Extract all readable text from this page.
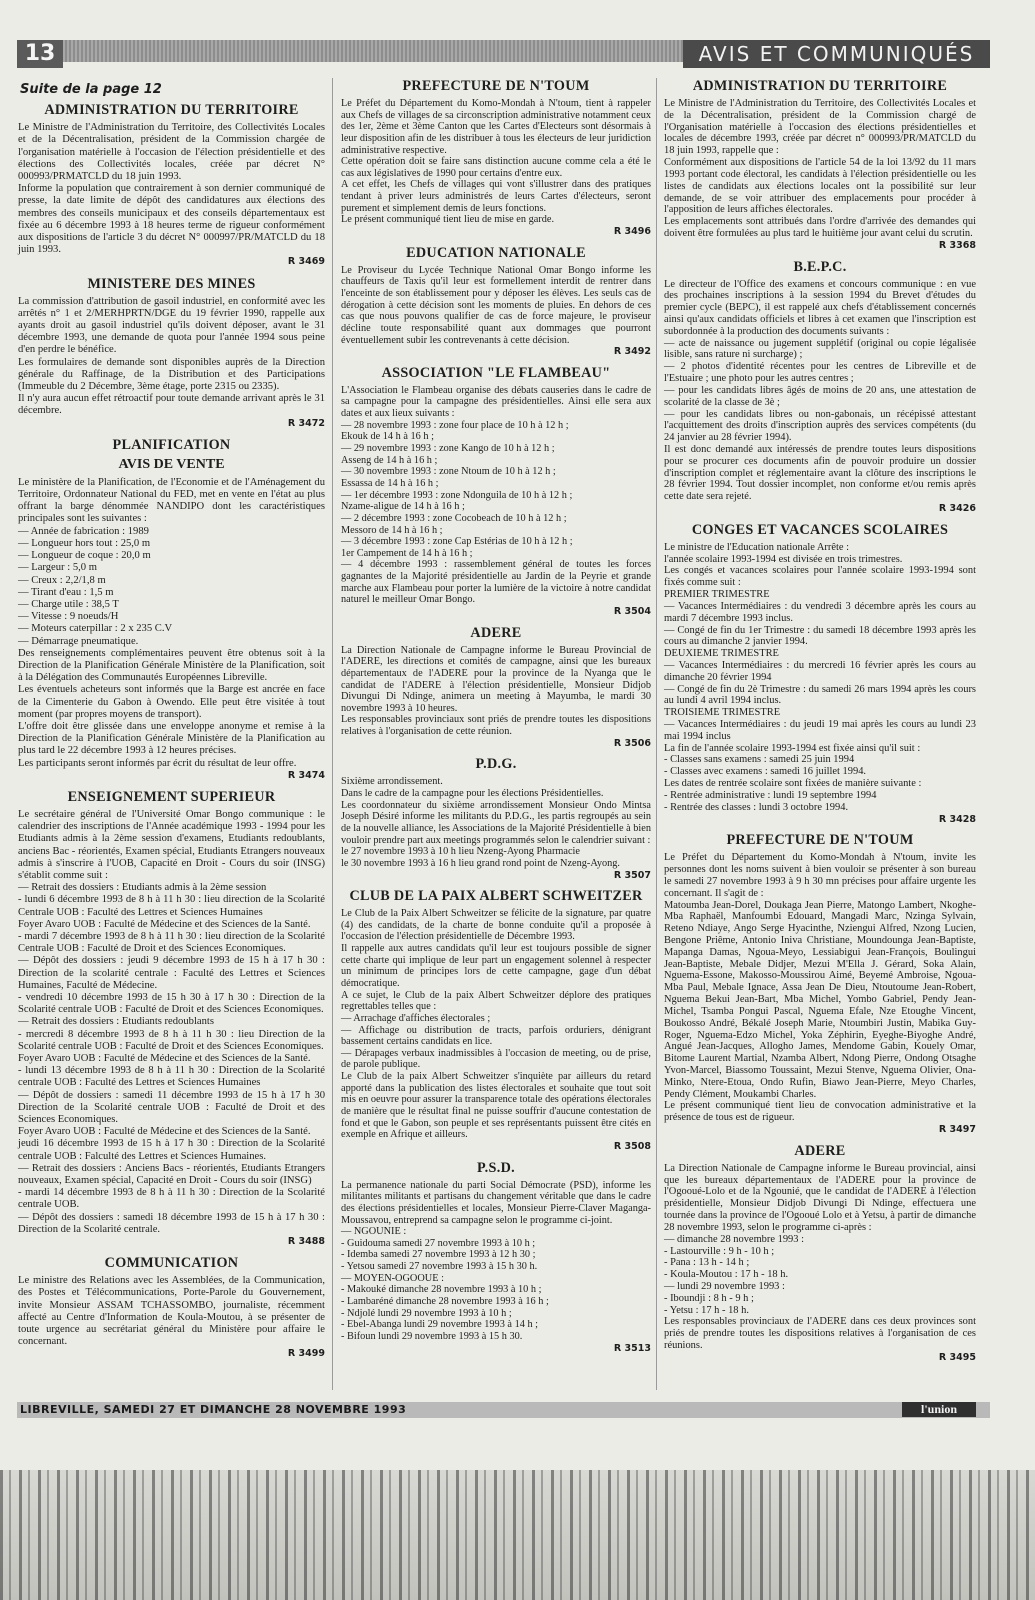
13	AVIS ET COMMUNIQUÉS
Suite de la page 12
ADMINISTRATION DU TERRITOIRE

Le Ministre de l'Administration du Territoire, des Collectivités Locales et de la Décentralisation, président de la Commission chargée de l'organisation matérielle à l'occasion de l'élection présidentielle et des élections des Collectivités locales, créée par décret N° 000993/PRMATCLD du 18 juin 1993.

Informe la population que contrairement à son dernier communiqué de presse, la date limite de dépôt des candidatures aux élections des membres des conseils municipaux et des conseils départementaux est fixée au 6 décembre 1993 à 18 heures terme de rigueur conformément aux dispositions de l'article 3 du décret N° 000997/PR/MATCLD du 18 juin 1993.

R 3469
MINISTERE DES MINES

La commission d'attribution de gasoil industriel, en conformité avec les arrêtés n° 1 et 2/MERHPRTN/DGE du 19 février 1990, rappelle aux ayants droit au gasoil industriel qu'ils doivent déposer, avant le 31 décembre 1993, une demande de quota pour l'année 1994 sous peine d'en perdre le bénéfice.

Les formulaires de demande sont disponibles auprès de la Direction générale du Raffinage, de la Distribution et des Participations (Immeuble du 2 Décembre, 3ème étage, porte 2315 ou 2335).

Il n'y aura aucun effet rétroactif pour toute demande arrivant après le 31 décembre.

R 3472
PLANIFICATION
AVIS DE VENTE

Le ministère de la Planification, de l'Economie et de l'Aménagement du Territoire, Ordonnateur National du FED, met en vente en l'état au plus offrant la barge dénommée NANDIPO dont les caractéristiques principales sont les suivantes :

— Année de fabrication : 1989

— Longueur hors tout : 25,0 m

— Longueur de coque : 20,0 m

— Largeur : 5,0 m

— Creux : 2,2/1,8 m

— Tirant d'eau : 1,5 m

— Charge utile : 38,5 T

— Vitesse : 9 noeuds/H

— Moteurs caterpillar : 2 x 235 C.V

— Démarrage pneumatique.

Des renseignements complémentaires peuvent être obtenus soit à la Direction de la Planification Générale Ministère de la Planification, soit à la Délégation des Communautés Européennes Libreville.

Les éventuels acheteurs sont informés que la Barge est ancrée en face de la Cimenterie du Gabon à Owendo. Elle peut être visitée à tout moment (par propres moyens de transport).

L'offre doit être glissée dans une enveloppe anonyme et remise à la Direction de la Planification Générale Ministère de la Planification au plus tard le 22 décembre 1993 à 12 heures précises.

Les participants seront informés par écrit du résultat de leur offre.

R 3474
ENSEIGNEMENT SUPERIEUR

Le secrétaire général de l'Université Omar Bongo communique : le calendrier des inscriptions de l'Année académique 1993 - 1994 pour les Etudiants admis à la 2ème session d'examens, Etudiants redoublants, anciens Bac - réorientés, Examen spécial, Etudiants Etrangers nouveaux admis à s'inscrire à l'UOB, Capacité en Droit - Cours du soir (INSG) s'établit comme suit :

— Retrait des dossiers : Etudiants admis à la 2ème session

- lundi 6 décembre 1993 de 8 h à 11 h 30 : lieu direction de la Scolarité Centrale UOB : Faculté des Lettres et Sciences Humaines

Foyer Avaro UOB : Faculté de Médecine et des Sciences de la Santé.

- mardi 7 décembre 1993 de 8 h à 11 h 30 : lieu direction de la Scolarité Centrale UOB : Faculté de Droit et des Sciences Economiques.

— Dépôt des dossiers : jeudi 9 décembre 1993 de 15 h à 17 h 30 : Direction de la scolarité centrale : Faculté des Lettres et Sciences Humaines, Faculté de Médecine.

- vendredi 10 décembre 1993 de 15 h 30 à 17 h 30 : Direction de la Scolarité centrale UOB : Faculté de Droit et des Sciences Economiques.

— Retrait des dossiers : Etudiants redoublants

- mercredi 8 décembre 1993 de 8 h à 11 h 30 : lieu Direction de la Scolarité centrale UOB : Faculté de Droit et des Sciences Economiques.

Foyer Avaro UOB : Faculté de Médecine et des Sciences de la Santé.

- lundi 13 décembre 1993 de 8 h à 11 h 30 : Direction de la Scolarité centrale UOB : Faculté des Lettres et Sciences Humaines

— Dépôt de dossiers : samedi 11 décembre 1993 de 15 h à 17 h 30 Direction de la Scolarité centrale UOB : Faculté de Droit et des Sciences Economiques.

Foyer Avaro UOB : Faculté de Médecine et des Sciences de la Santé.

jeudi 16 décembre 1993 de 15 h à 17 h 30 : Direction de la Scolarité centrale UOB : Falculté des Lettres et Sciences Humaines.

— Retrait des dossiers : Anciens Bacs - réorientés, Etudiants Etrangers nouveaux, Examen spécial, Capacité en Droit - Cours du soir (INSG)

- mardi 14 décembre 1993 de 8 h à 11 h 30 : Direction de la Scolarité centrale UOB.

— Dépôt des dossiers : samedi 18 décembre 1993 de 15 h à 17 h 30 : Direction de la Scolarité centrale.

R 3488
COMMUNICATION

Le ministre des Relations avec les Assemblées, de la Communication, des Postes et Télécommunications, Porte-Parole du Gouvernement, invite Monsieur ASSAM TCHASSOMBO, journaliste, récemment affecté au Centre d'Information de Koula-Moutou, à se présenter de toute urgence au secrétariat général du Ministère pour affaire le concernant.

R 3499
PREFECTURE DE N'TOUM

Le Préfet du Département du Komo-Mondah à N'toum, tient à rappeler aux Chefs de villages de sa circonscription administrative notamment ceux des 1er, 2ème et 3ème Canton que les Cartes d'Electeurs sont désormais à leur disposition afin de les distribuer à tous les électeurs de leur juridiction administrative respective.

Cette opération doit se faire sans distinction aucune comme cela a été le cas aux législatives de 1990 pour certains d'entre eux.

A cet effet, les Chefs de villages qui vont s'illustrer dans des pratiques tendant à priver leurs administrés de leurs Cartes d'électeurs, seront purement et simplement demis de leurs fonctions.

Le présent communiqué tient lieu de mise en garde.

R 3496
EDUCATION NATIONALE

Le Proviseur du Lycée Technique National Omar Bongo informe les chauffeurs de Taxis qu'il leur est formellement interdit de rentrer dans l'enceinte de son établissement pour y déposer les élèves. Les seuls cas de dérogation à cette décision sont les moments de pluies. En dehors de ces cas que nous pouvons qualifier de cas de force majeure, le proviseur décline toute responsabilité quant aux dommages que pourront éventuellement subir les contrevenants à cette décision.

R 3492
ASSOCIATION "LE FLAMBEAU"

L'Association le Flambeau organise des débats causeries dans le cadre de sa campagne pour la campagne des présidentielles. Ainsi elle sera aux dates et aux lieux suivants :

— 28 novembre 1993 : zone four place de 10 h à 12 h ;

Ekouk de 14 h à 16 h ;

— 29 novembre 1993 : zone Kango de 10 h à 12 h ;

Asseng de 14 h à 16 h ;

— 30 novembre 1993 : zone Ntoum de 10 h à 12 h ;

Essassa de 14 h à 16 h ;

— 1er décembre 1993 : zone Ndonguila de 10 h à 12 h ;

Nzame-aligue de 14 h à 16 h ;

— 2 décembre 1993 : zone Cocobeach de 10 h à 12 h ;

Messoro de 14 h à 16 h ;

— 3 décembre 1993 : zone Cap Estérias de 10 h à 12 h ;

1er Campement de 14 h à 16 h ;

— 4 décembre 1993 : rassemblement général de toutes les forces gagnantes de la Majorité présidentielle au Jardin de la Peyrie et grande marche aux Flambeau pour porter la lumière de la victoire à notre candidat naturel le meilleur Omar Bongo.

R 3504
ADERE

La Direction Nationale de Campagne informe le Bureau Provincial de l'ADERE, les directions et comités de campagne, ainsi que les bureaux départementaux de l'ADERE pour la province de la Nyanga que le candidat de l'ADERE à l'élection présidentielle, Monsieur Didjob Divungui Di Ndinge, animera un meeting à Mayumba, le mardi 30 novembre 1993 à 10 heures.

Les responsables provinciaux sont priés de prendre toutes les dispositions relatives à l'organisation de cette réunion.

R 3506
P.D.G.

Sixième arrondissement.

Dans le cadre de la campagne pour les élections Présidentielles.

Les coordonnateur du sixième arrondissement Monsieur Ondo Mintsa Joseph Désiré informe les militants du P.D.G., les partis regroupés au sein de la nouvelle alliance, les Associations de la Majorité Présidentielle à bien vouloir prendre part aux meetings programmés selon le calendrier suivant :

le 27 novembre 1993 à 10 h lieu Nzeng-Ayong Pharmacie

le 30 novembre 1993 à 16 h lieu grand rond point de Nzeng-Ayong.

R 3507
CLUB DE LA PAIX ALBERT SCHWEITZER

Le Club de la Paix Albert Schweitzer se félicite de la signature, par quatre (4) des candidats, de la charte de bonne conduite qu'il a proposée à l'occasion de l'élection présidentielle de Décembre 1993.

Il rappelle aux autres candidats qu'il leur est toujours possible de signer cette charte qui implique de leur part un engagement solennel à respecter un minimum de principes lors de cette campagne, gage d'un débat démocratique.

A ce sujet, le Club de la paix Albert Schweitzer déplore des pratiques regrettables telles que :

— Arrachage d'affiches électorales ;

— Affichage ou distribution de tracts, parfois orduriers, dénigrant bassement certains candidats en lice.

— Dérapages verbaux inadmissibles à l'occasion de meeting, ou de prise, de parole publique.

Le Club de la paix Albert Schweitzer s'inquiète par ailleurs du retard apporté dans la publication des listes électorales et souhaite que tout soit mis en oeuvre pour assurer la transparence totale des opérations électorales de manière que le résultat final ne puisse souffrir d'aucune contestation de fond et que le Gabon, son peuple et ses représentants puissent être cités en exemple en Afrique et ailleurs.

R 3508
P.S.D.

La permanence nationale du parti Social Démocrate (PSD), informe les militantes militants et partisans du changement véritable que dans le cadre des élections présidentielles et locales, Monsieur Pierre-Claver Maganga-Moussavou, entreprend sa campagne selon le programme ci-joint.

— NGOUNIE :

- Guidouma samedi 27 novembre 1993 à 10 h ;

- Idemba samedi 27 novembre 1993 à 12 h 30 ;

- Yetsou samedi 27 novembre 1993 à 15 h 30 h.

— MOYEN-OGOOUE :

- Makouké dimanche 28 novembre 1993 à 10 h ;

- Lambaréné dimanche 28 novembre 1993 à 16 h ;

- Ndjolé lundi 29 novembre 1993 à 10 h ;

- Ebel-Abanga lundi 29 novembre 1993 à 14 h ;

- Bifoun lundi 29 novembre 1993 à 15 h 30.

R 3513
ADMINISTRATION DU TERRITOIRE

Le Ministre de l'Administration du Territoire, des Collectivités Locales et de la Décentralisation, président de la Commission chargé de l'Organisation matérielle à l'occasion des élections présidentielles et locales de décembre 1993, créée par décret n° 000993/PR/MATCLD du 18 juin 1993, rappelle que :

Conformément aux dispositions de l'article 54 de la loi 13/92 du 11 mars 1993 portant code électoral, les candidats à l'élection présidentielle ou les listes de candidats aux élections locales ont la possibilité sur leur demande, de se voir attribuer des emplacements pour procéder à l'apposition de leurs affiches électorales.

Les emplacements sont attribués dans l'ordre d'arrivée des demandes qui doivent être formulées au plus tard le huitième jour avant celui du scrutin.

R 3368
B.E.P.C.

Le directeur de l'Office des examens et concours communique : en vue des prochaines inscriptions à la session 1994 du Brevet d'études du premier cycle (BEPC), il est rappelé aux chefs d'établissement concernés ainsi qu'aux candidats officiels et libres à cet examen que l'inscription est subordonnée à la production des documents suivants :

— acte de naissance ou jugement supplétif (original ou copie légalisée lisible, sans rature ni surcharge) ;

— 2 photos d'identité récentes pour les centres de Libreville et de l'Estuaire ; une photo pour les autres centres ;

— pour les candidats libres âgés de moins de 20 ans, une attestation de scolarité de la classe de 3è ;

— pour les candidats libres ou non-gabonais, un récépissé attestant l'acquittement des droits d'inscription auprès des services compétents (du 24 janvier au 28 février 1994).

Il est donc demandé aux intéressés de prendre toutes leurs dispositions pour se procurer ces documents afin de pouvoir produire un dossier d'inscription complet et réglementaire avant la clôture des inscriptions le 28 février 1994. Tout dossier incomplet, non conforme et/ou remis après cette date sera rejeté.

R 3426
CONGES ET VACANCES SCOLAIRES

Le ministre de l'Education nationale Arrête :

l'année scolaire 1993-1994 est divisée en trois trimestres.

Les congés et vacances scolaires pour l'année scolaire 1993-1994 sont fixés comme suit :

PREMIER TRIMESTRE

— Vacances Intermédiaires : du vendredi 3 décembre après les cours au mardi 7 décembre 1993 inclus.

— Congé de fin du 1er Trimestre : du samedi 18 décembre 1993 après les cours au dimanche 2 janvier 1994.

DEUXIEME TRIMESTRE

— Vacances Intermédiaires : du mercredi 16 février après les cours au dimanche 20 février 1994

— Congé de fin du 2è Trimestre : du samedi 26 mars 1994 après les cours au lundi 4 avril 1994 inclus.

TROISIEME TRIMESTRE

— Vacances Intermédiaires : du jeudi 19 mai après les cours au lundi 23 mai 1994 inclus

La fin de l'année scolaire 1993-1994 est fixée ainsi qu'il suit :

- Classes sans examens : samedi 25 juin 1994

- Classes avec examens : samedi 16 juillet 1994.

Les dates de rentrée scolaire sont fixées de manière suivante :

- Rentrée administrative : lundi 19 septembre 1994

- Rentrée des classes : lundi 3 octobre 1994.

R 3428
PREFECTURE DE N'TOUM

Le Préfet du Département du Komo-Mondah à N'toum, invite les personnes dont les noms suivent à bien vouloir se présenter à son bureau le samedi 27 novembre 1993 à 9 h 30 mn précises pour affaire urgente les concernant. Il s'agit de :

Matoumba Jean-Dorel, Doukaga Jean Pierre, Matongo Lambert, Nkoghe-Mba Raphaël, Manfoumbi Edouard, Mangadi Marc, Nzinga Sylvain, Reteno Ndiaye, Ango Serge Hyacinthe, Nziengui Alfred, Nzong Lucien, Bengone Priême, Antonio Iniva Christiane, Moundounga Jean-Baptiste, Mapanga Damas, Ngoua-Meyo, Lessiabigui Jean-François, Boulingui Jean-Baptiste, Mebale Didjer, Mezui M'Ella J. Gérard, Soka Alain, Nguema-Essone, Makosso-Moussirou Aimé, Beyemé Ambroise, Ngoua-Mba Paul, Mebale Ignace, Assa Jean De Dieu, Ntoutoume Jean-Robert, Nguema Bekui Jean-Bart, Mba Michel, Yombo Gabriel, Pendy Jean-Michel, Tsamba Pongui Pascal, Nguema Efale, Nze Etoughe Vincent, Boukosso André, Békalé Joseph Marie, Ntoumbiri Justin, Mabika Guy-Roger, Nguema-Edzo Michel, Yoka Zéphirin, Eyeghe-Biyoghe André, Angué Jean-Jacques, Allogho James, Mendome Gabin, Kouely Omar, Bitome Laurent Martial, Nzamba Albert, Ndong Pierre, Ondong Otsaghe Yvon-Marcel, Biassomo Toussaint, Mezui Stenve, Nguema Olivier, Ona-Minko, Ntere-Etoua, Ondo Rufin, Biawo Jean-Pierre, Meyo Charles, Pendy Clément, Moukambi Charles.

Le présent communiqué tient lieu de convocation administrative et la présence de tous est de rigueur.

R 3497
ADERE

La Direction Nationale de Campagne informe le Bureau provincial, ainsi que les bureaux départementaux de l'ADERE pour la province de l'Ogooué-Lolo et de la Ngounié, que le candidat de l'ADERE à l'élection présidentielle, Monsieur Didjob Divungi Di Ndinge, effectuera une tournée dans la province de l'Ogooué Lolo et à Yetsu, à partir de dimanche 28 novembre 1993, selon le programme ci-après :

— dimanche 28 novembre 1993 :

- Lastourville : 9 h - 10 h ;

- Pana : 13 h - 14 h ;

- Koula-Moutou : 17 h - 18 h.

— lundi 29 novembre 1993 :

- Iboundji : 8 h - 9 h ;

- Yetsu : 17 h - 18 h.

Les responsables provinciaux de l'ADERE dans ces deux provinces sont priés de prendre toutes les dispositions relatives à l'organisation de ces réunions.

R 3495
LIBREVILLE, SAMEDI 27 ET DIMANCHE 28 NOVEMBRE 1993	l'union
